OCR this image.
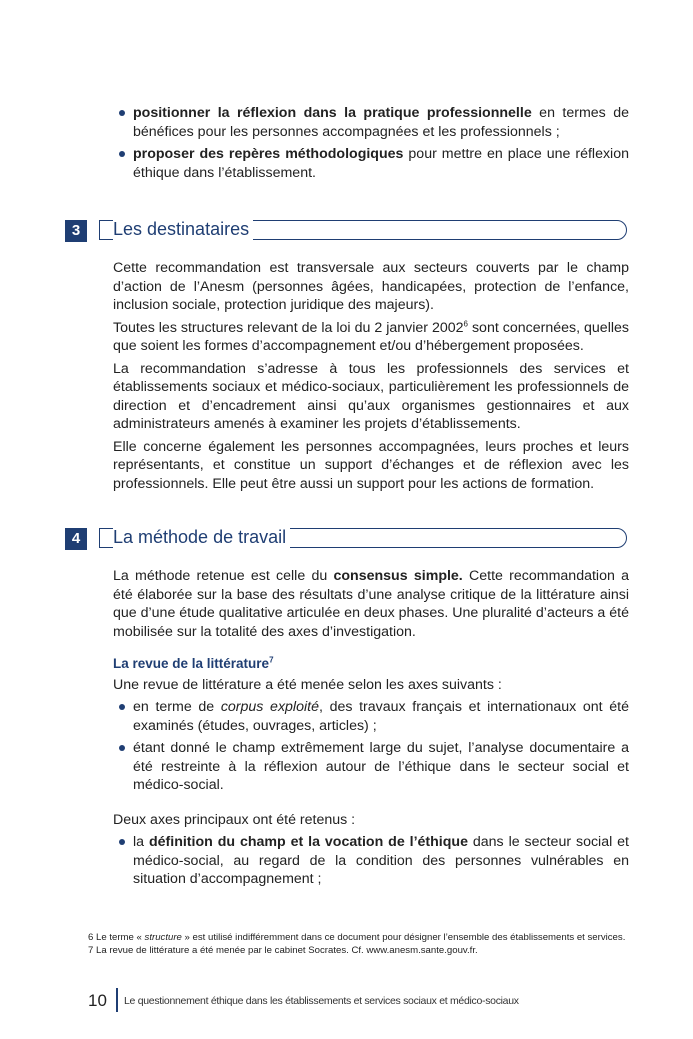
positionner la réflexion dans la pratique professionnelle en termes de bénéfices pour les personnes accompagnées et les professionnels ;
proposer des repères méthodologiques pour mettre en place une réflexion éthique dans l’établissement.
3	Les destinataires

Cette recommandation est transversale aux secteurs couverts par le champ d’action de l’Anesm (personnes âgées, handicapées, protection de l’enfance, inclusion sociale, protection juridique des majeurs).

Toutes les structures relevant de la loi du 2 janvier 2002$^6$ sont concernées, quelles que soient les formes d’accompagnement et/ou d’hébergement proposées.

La recommandation s’adresse à tous les professionnels des services et établissements sociaux et médico-sociaux, particulièrement les professionnels de direction et d’encadrement ainsi qu’aux organismes gestionnaires et aux administrateurs amenés à examiner les projets d’établissements.

Elle concerne également les personnes accompagnées, leurs proches et leurs représentants, et constitue un support d’échanges et de réflexion avec les professionnels. Elle peut être aussi un support pour les actions de formation.

4	La méthode de travail

La méthode retenue est celle du consensus simple. Cette recommandation a été élaborée sur la base des résultats d’une analyse critique de la littérature ainsi que d’une étude qualitative articulée en deux phases. Une pluralité d’acteurs a été mobilisée sur la totalité des axes d’investigation.

La revue de la littérature$^7$

Une revue de littérature a été menée selon les axes suivants :

en terme de corpus exploité, des travaux français et internationaux ont été examinés (études, ouvrages, articles) ;
étant donné le champ extrêmement large du sujet, l’analyse documentaire a été restreinte à la réflexion autour de l’éthique dans le secteur social et médico-social.

Deux axes principaux ont été retenus :

la définition du champ et la vocation de l’éthique dans le secteur social et médico-social, au regard de la condition des personnes vulnérables en situation d’accompagnement ;
6 Le terme « structure » est utilisé indifféremment dans ce document pour désigner l’ensemble des établissements et services.
7 La revue de littérature a été menée par le cabinet Socrates. Cf. www.anesm.sante.gouv.fr.
10 Le questionnement éthique dans les établissements et services sociaux et médico-sociaux
